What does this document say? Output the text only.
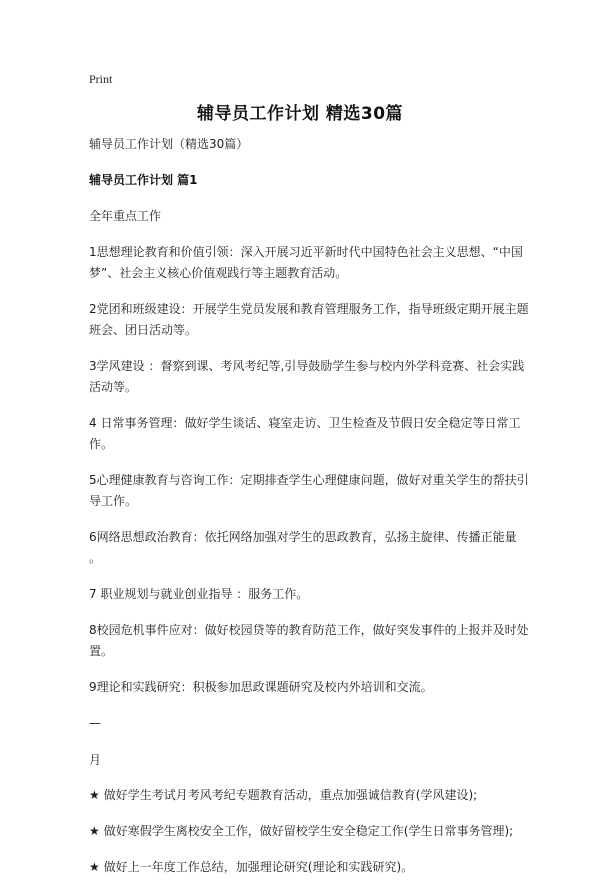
Print
辅导员工作计划 精选30篇

辅导员工作计划（精选30篇）

辅导员工作计划 篇1

全年重点工作

1思想理论教育和价值引领：深入开展习近平新时代中国特色社会主义思想、“中国梦”、社会主义核心价值观践行等主题教育活动。

2党团和班级建设：开展学生党员发展和教育管理服务工作，指导班级定期开展主题班会、团日活动等。

3学风建设 ：督察到课、考风考纪等,引导鼓励学生参与校内外学科竞赛、社会实践活动等。

4 日常事务管理：做好学生谈话、寝室走访、卫生检查及节假日安全稳定等日常工作。

5心理健康教育与咨询工作：定期排查学生心理健康问题，做好对重关学生的帮扶引导工作。

6网络思想政治教育：依托网络加强对学生的思政教育，弘扬主旋律、传播正能量 。

7 职业规划与就业创业指导 ：服务工作。

8校园危机事件应对：做好校园贷等的教育防范工作，做好突发事件的上报并及时处置。

9理论和实践研究：积极参加思政课题研究及校内外培训和交流。

—

月

★ 做好学生考试月考风考纪专题教育活动，重点加强诚信教育(学风建设);

★ 做好寒假学生离校安全工作，做好留校学生安全稳定工作(学生日常事务管理);

★ 做好上一年度工作总结，加强理论研究(理论和实践研究)。
